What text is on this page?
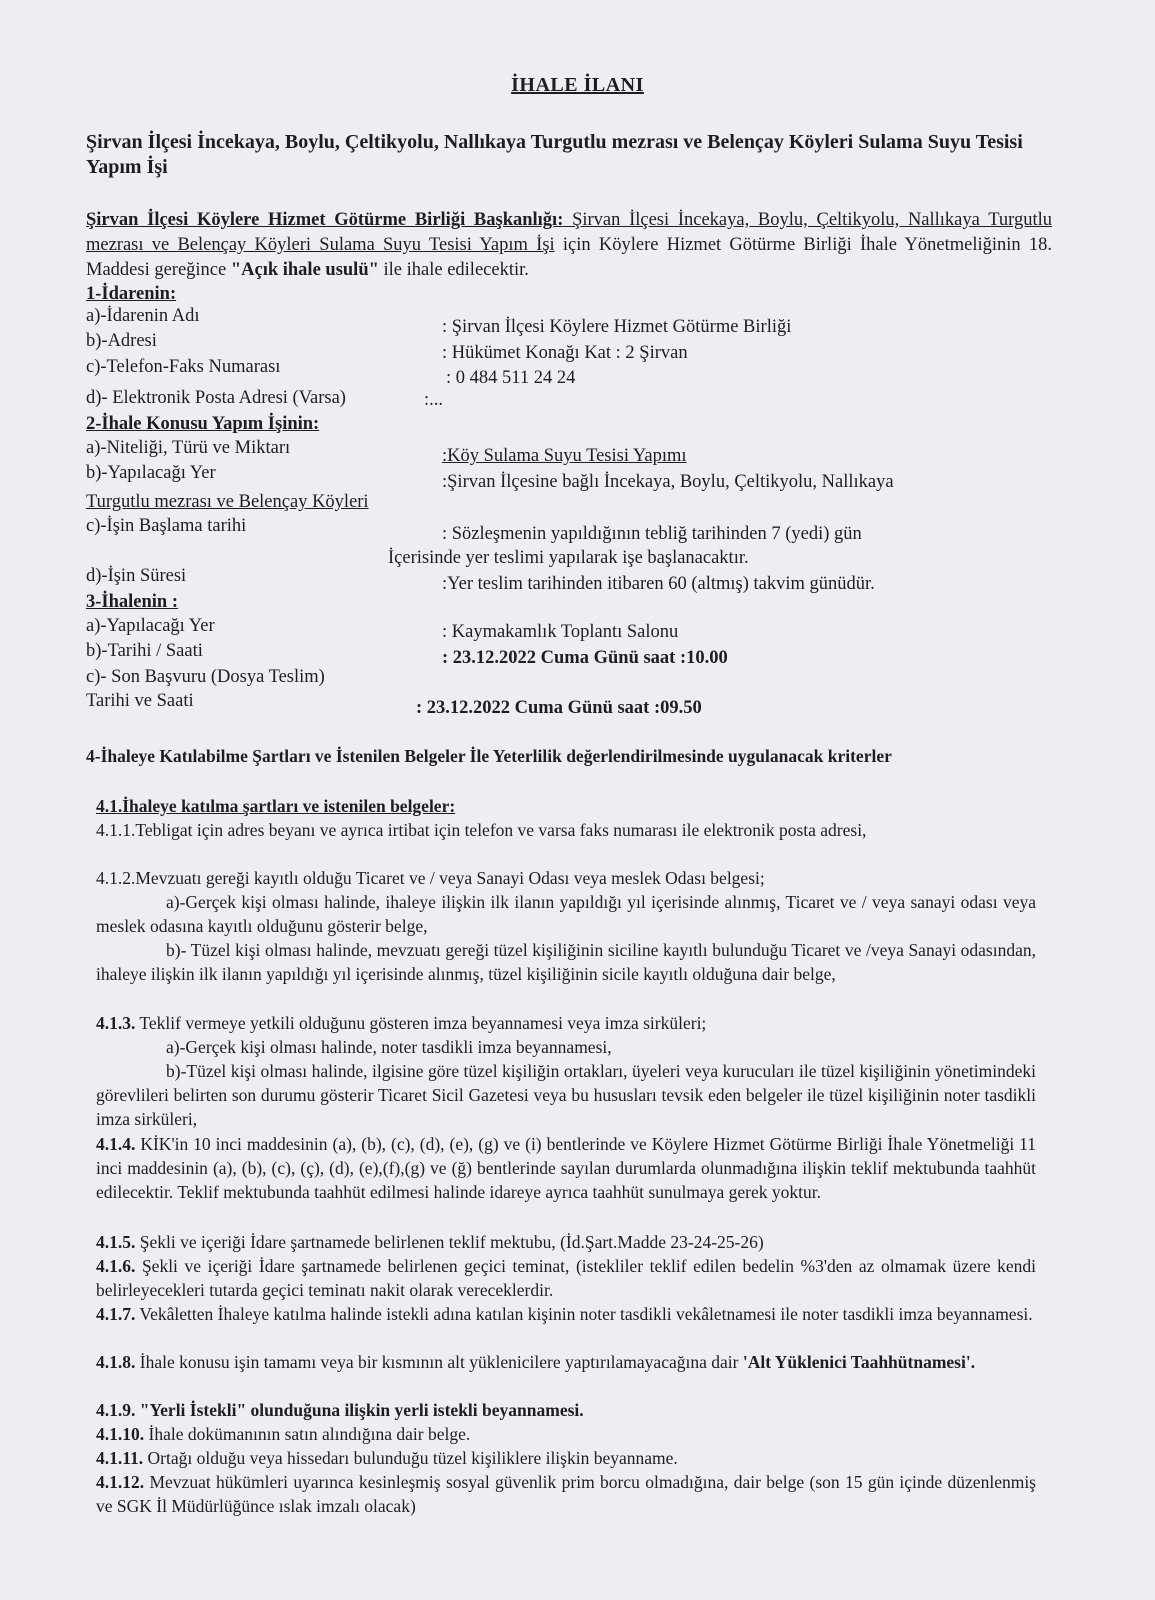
İHALE İLANI
Şirvan İlçesi İncekaya, Boylu, Çeltikyolu, Nallıkaya Turgutlu mezrası ve Belençay Köyleri Sulama Suyu Tesisi Yapım İşi
Şirvan İlçesi Köylere Hizmet Götürme Birliği Başkanlığı: Şirvan İlçesi İncekaya, Boylu, Çeltikyolu, Nallıkaya Turgutlu mezrası ve Belençay Köyleri Sulama Suyu Tesisi Yapım İşi için Köylere Hizmet Götürme Birliği İhale Yönetmeliğinin 18. Maddesi gereğince "Açık ihale usulü" ile ihale edilecektir.
1-İdarenin:
a)-İdarenin Adı
: Şirvan İlçesi Köylere Hizmet Götürme Birliği
b)-Adresi
: Hükümet Konağı Kat : 2 Şirvan
c)-Telefon-Faks Numarası
: 0 484 511 24 24
d)- Elektronik Posta Adresi (Varsa)	:...
2-İhale Konusu Yapım İşinin:
a)-Niteliği, Türü ve Miktarı	:Köy Sulama Suyu Tesisi Yapımı
b)-Yapılacağı Yer	:Şirvan İlçesine bağlı İncekaya, Boylu, Çeltikyolu, Nallıkaya
Turgutlu mezrası ve Belençay Köyleri
c)-İşin Başlama tarihi	: Sözleşmenin yapıldığının tebliğ tarihinden 7 (yedi) gün
İçerisinde yer teslimi yapılarak işe başlanacaktır.
d)-İşin Süresi	:Yer teslim tarihinden itibaren 60 (altmış) takvim günüdür.
3-İhalenin :
a)-Yapılacağı Yer	: Kaymakamlık Toplantı Salonu
b)-Tarihi / Saati	: 23.12.2022 Cuma Günü saat :10.00
c)- Son Başvuru (Dosya Teslim)
Tarihi ve Saati	: 23.12.2022 Cuma Günü saat :09.50
4-İhaleye Katılabilme Şartları ve İstenilen Belgeler İle Yeterlilik değerlendirilmesinde uygulanacak kriterler
4.1.İhaleye katılma şartları ve istenilen belgeler:
4.1.1.Tebligat için adres beyanı ve ayrıca irtibat için telefon ve varsa faks numarası ile elektronik posta adresi,
4.1.2.Mevzuatı gereği kayıtlı olduğu Ticaret ve / veya Sanayi Odası veya meslek Odası belgesi;
a)-Gerçek kişi olması halinde, ihaleye ilişkin ilk ilanın yapıldığı yıl içerisinde alınmış, Ticaret ve / veya sanayi odası veya meslek odasına kayıtlı olduğunu gösterir belge,
b)- Tüzel kişi olması halinde, mevzuatı gereği tüzel kişiliğinin siciline kayıtlı bulunduğu Ticaret ve /veya Sanayi odasından, ihaleye ilişkin ilk ilanın yapıldığı yıl içerisinde alınmış, tüzel kişiliğinin sicile kayıtlı olduğuna dair belge,
4.1.3. Teklif vermeye yetkili olduğunu gösteren imza beyannamesi veya imza sirküleri;
a)-Gerçek kişi olması halinde, noter tasdikli imza beyannamesi,
b)-Tüzel kişi olması halinde, ilgisine göre tüzel kişiliğin ortakları, üyeleri veya kurucuları ile tüzel kişiliğinin yönetimindeki görevlileri belirten son durumu gösterir Ticaret Sicil Gazetesi veya bu hususları tevsik eden belgeler ile tüzel kişiliğinin noter tasdikli imza sirküleri,
4.1.4. KİK'in 10 inci maddesinin (a), (b), (c), (d), (e), (g) ve (i) bentlerinde ve Köylere Hizmet Götürme Birliği İhale Yönetmeliği 11 inci maddesinin (a), (b), (c), (ç), (d), (e),(f),(g) ve (ğ) bentlerinde sayılan durumlarda olunmadığına ilişkin teklif mektubunda taahhüt edilecektir. Teklif mektubunda taahhüt edilmesi halinde idareye ayrıca taahhüt sunulmaya gerek yoktur.
4.1.5. Şekli ve içeriği İdare şartnamede belirlenen teklif mektubu, (İd.Şart.Madde 23-24-25-26)
4.1.6. Şekli ve içeriği İdare şartnamede belirlenen geçici teminat, (istekliler teklif edilen bedelin %3'den az olmamak üzere kendi belirleyecekleri tutarda geçici teminatı nakit olarak vereceklerdir.
4.1.7. Vekâletten İhaleye katılma halinde istekli adına katılan kişinin noter tasdikli vekâletnamesi ile noter tasdikli imza beyannamesi.
4.1.8. İhale konusu işin tamamı veya bir kısmının alt yüklenicilere yaptırılamayacağına dair 'Alt Yüklenici Taahhütnamesi'.
4.1.9. "Yerli İstekli" olunduğuna ilişkin yerli istekli beyannamesi.
4.1.10. İhale dokümanının satın alındığına dair belge.
4.1.11. Ortağı olduğu veya hissedarı bulunduğu tüzel kişiliklere ilişkin beyanname.
4.1.12. Mevzuat hükümleri uyarınca kesinleşmiş sosyal güvenlik prim borcu olmadığına, dair belge (son 15 gün içinde düzenlenmiş ve SGK İl Müdürlüğünce ıslak imzalı olacak)
